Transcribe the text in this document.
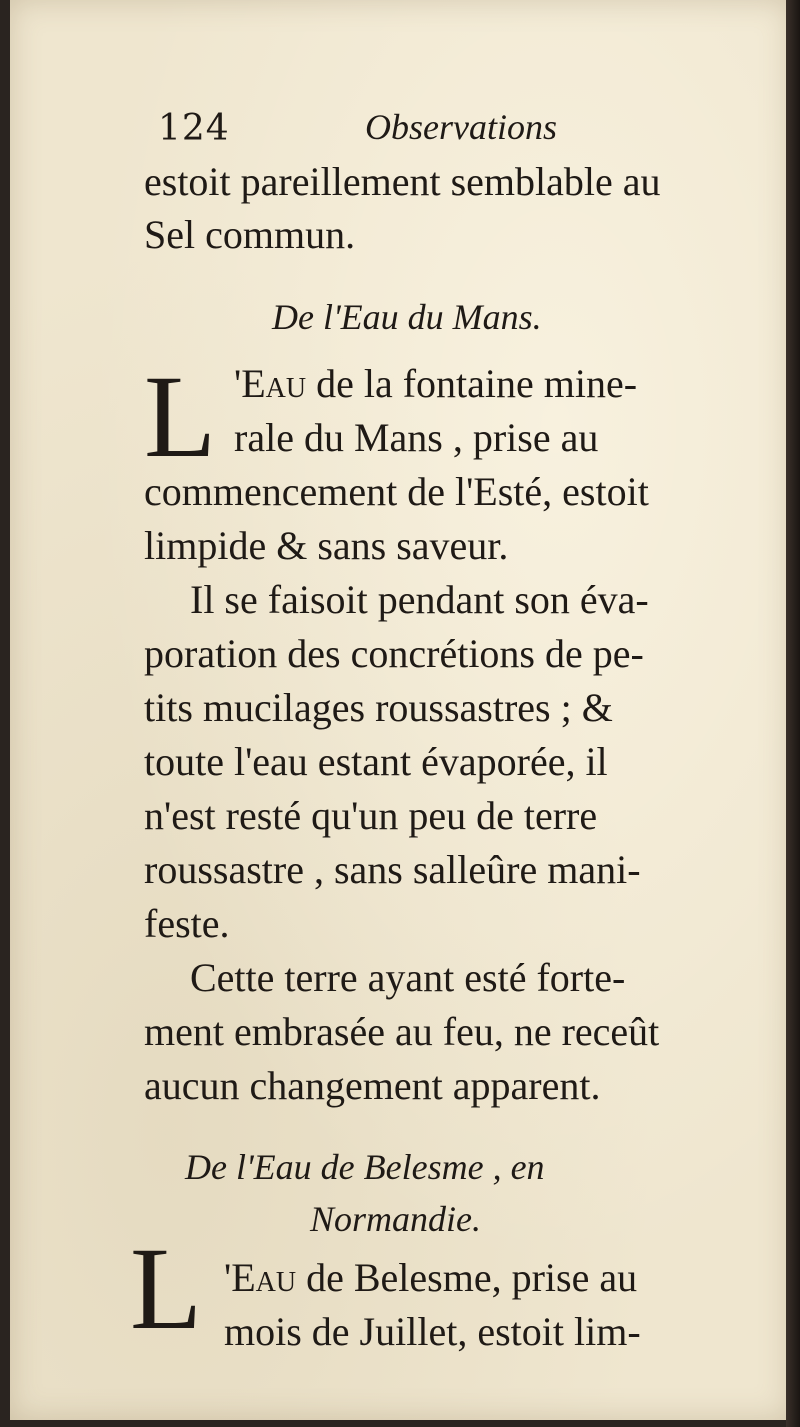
124	Observations
estoit pareillement semblable au
Sel commun.
De l'Eau du Mans.
L 'Eau de la fontaine mine-
rale du Mans , prise au
commencement de l'Esté, estoit
limpide & sans saveur.
Il se faisoit pendant son éva-
poration des concrétions de pe-
tits mucilages roussastres ; &
toute l'eau estant évaporée, il
n'est resté qu'un peu de terre
roussastre , sans salleûre mani-
feste.
Cette terre ayant esté forte-
ment embrasée au feu, ne receût
aucun changement apparent.
De l'Eau de Belesme , en
Normandie.
L 'Eau de Belesme, prise au
mois de Juillet, estoit lim-
